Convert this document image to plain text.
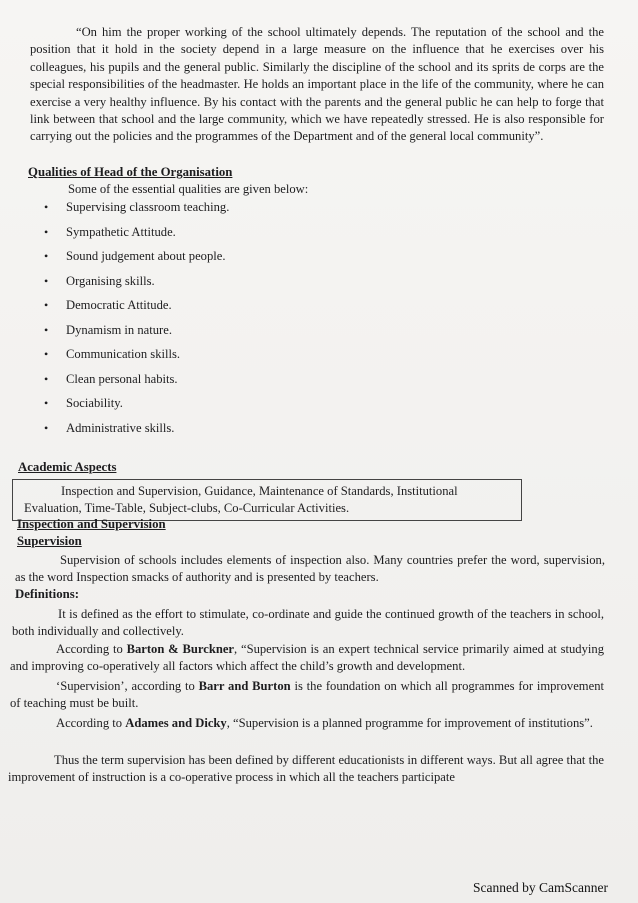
“On him the proper working of the school ultimately depends. The reputation of the school and the position that it hold in the society depend in a large measure on the influence that he exercises over his colleagues, his pupils and the general public. Similarly the discipline of the school and its sprits de corps are the special responsibilities of the headmaster. He holds an important place in the life of the community, where he can exercise a very healthy influence. By his contact with the parents and the general public he can help to forge that link between that school and the large community, which we have repeatedly stressed. He is also responsible for carrying out the policies and the programmes of the Department and of the general local community”.

Qualities of Head of the Organisation

Some of the essential qualities are given below:

•	Supervising classroom teaching.
•	Sympathetic Attitude.
•	Sound judgement about people.
•	Organising skills.
•	Democratic Attitude.
•	Dynamism in nature.
•	Communication skills.
•	Clean personal habits.
•	Sociability.
•	Administrative skills.

Academic Aspects

Inspection and Supervision, Guidance, Maintenance of Standards, Institutional

Evaluation, Time-Table, Subject-clubs, Co-Curricular Activities.

Inspection and Supervision

Supervision

Supervision of schools includes elements of inspection also. Many countries prefer the word, supervision, as the word Inspection smacks of authority and is presented by teachers.

Definitions:

It is defined as the effort to stimulate, co-ordinate and guide the continued growth of the teachers in school, both individually and collectively.

According to Barton & Burckner, “Supervision is an expert technical service primarily aimed at studying and improving co-operatively all factors which affect the child’s growth and development.

‘Supervision’, according to Barr and Burton is the foundation on which all programmes for improvement of teaching must be built.

According to Adames and Dicky, “Supervision is a planned programme for improvement of institutions”.

Thus the term supervision has been defined by different educationists in different ways. But all agree that the improvement of instruction is a co-operative process in which all the teachers participate

Scanned by CamScanner
